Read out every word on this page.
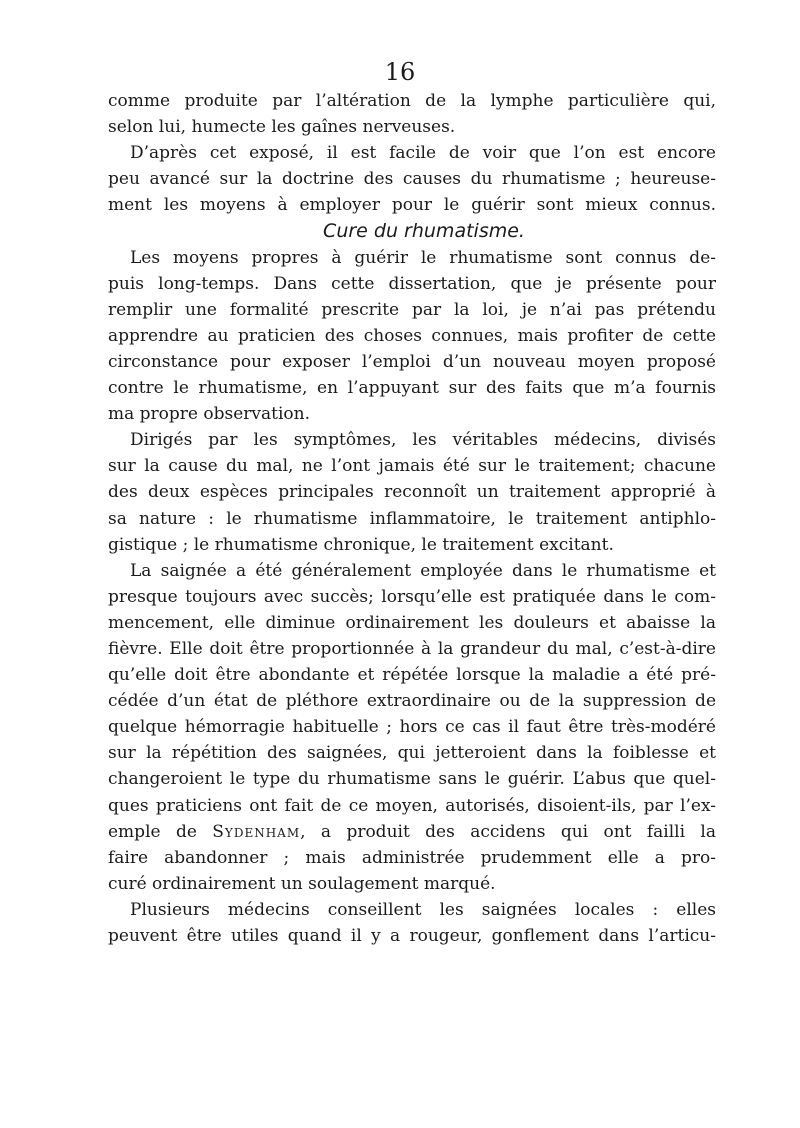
16
comme produite par l’altération de la lymphe particulière qui,
selon lui, humecte les gaînes nerveuses.
D’après cet exposé, il est facile de voir que l’on est encore
peu avancé sur la doctrine des causes du rhumatisme ; heureuse-
ment les moyens à employer pour le guérir sont mieux connus.
Cure du rhumatisme.
Les moyens propres à guérir le rhumatisme sont connus de-
puis long-temps. Dans cette dissertation, que je présente pour
remplir une formalité prescrite par la loi, je n’ai pas prétendu
apprendre au praticien des choses connues, mais profiter de cette
circonstance pour exposer l’emploi d’un nouveau moyen proposé
contre le rhumatisme, en l’appuyant sur des faits que m’a fournis
ma propre observation.
Dirigés par les symptômes, les véritables médecins, divisés
sur la cause du mal, ne l’ont jamais été sur le traitement; chacune
des deux espèces principales reconnoît un traitement approprié à
sa nature : le rhumatisme inflammatoire, le traitement antiphlo-
gistique ; le rhumatisme chronique, le traitement excitant.
La saignée a été généralement employée dans le rhumatisme et
presque toujours avec succès; lorsqu’elle est pratiquée dans le com-
mencement, elle diminue ordinairement les douleurs et abaisse la
fièvre. Elle doit être proportionnée à la grandeur du mal, c’est-à-dire
qu’elle doit être abondante et répétée lorsque la maladie a été pré-
cédée d’un état de pléthore extraordinaire ou de la suppression de
quelque hémorragie habituelle ; hors ce cas il faut être très-modéré
sur la répétition des saignées, qui jetteroient dans la foiblesse et
changeroient le type du rhumatisme sans le guérir. L’abus que quel-
ques praticiens ont fait de ce moyen, autorisés, disoient-ils, par l’ex-
emple de Sydenham, a produit des accidens qui ont failli la
faire abandonner ; mais administrée prudemment elle a pro-
curé ordinairement un soulagement marqué.
Plusieurs médecins conseillent les saignées locales : elles
peuvent être utiles quand il y a rougeur, gonflement dans l’articu-
